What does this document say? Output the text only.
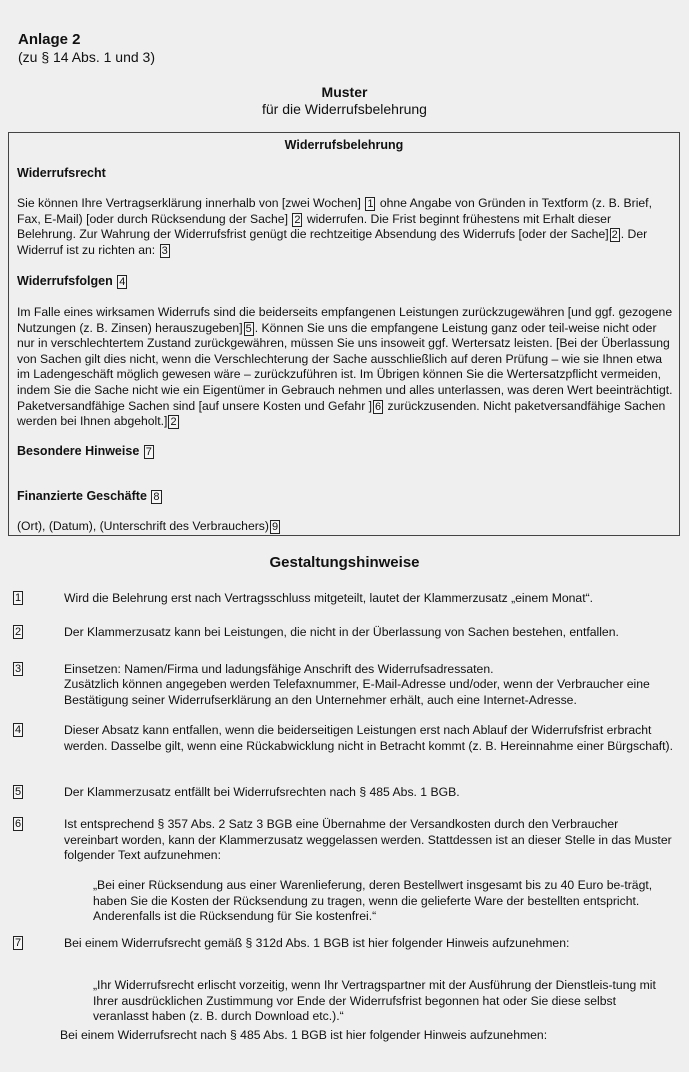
Anlage 2
(zu § 14 Abs. 1 und 3)
Muster
für die Widerrufsbelehrung
Widerrufsbelehrung
Widerrufsrecht
Sie können Ihre Vertragserklärung innerhalb von [zwei Wochen] 1 ohne Angabe von Gründen in Textform (z. B. Brief, Fax, E-Mail) [oder durch Rücksendung der Sache] 2 widerrufen. Die Frist beginnt frühestens mit Erhalt dieser Belehrung. Zur Wahrung der Widerrufsfrist genügt die rechtzeitige Absendung des Widerrufs [oder der Sache] 2 . Der Widerruf ist zu richten an: 3
Widerrufsfolgen 4
Im Falle eines wirksamen Widerrufs sind die beiderseits empfangenen Leistungen zurückzugewähren [und ggf. gezogene Nutzungen (z. B. Zinsen) herauszugeben] 5 . Können Sie uns die empfangene Leistung ganz oder teil-weise nicht oder nur in verschlechtertem Zustand zurückgewähren, müssen Sie uns insoweit ggf. Wertersatz leisten. [Bei der Überlassung von Sachen gilt dies nicht, wenn die Verschlechterung der Sache ausschließlich auf deren Prüfung – wie sie Ihnen etwa im Ladengeschäft möglich gewesen wäre – zurückzuführen ist. Im Übrigen können Sie die Wertersatzpflicht vermeiden, indem Sie die Sache nicht wie ein Eigentümer in Gebrauch nehmen und alles unterlassen, was deren Wert beeinträchtigt. Paketversandfähige Sachen sind [auf unsere Kosten und Gefahr ] 6 zurückzusenden. Nicht paketversandfähige Sachen werden bei Ihnen abgeholt.] 2
Besondere Hinweise 7
Finanzierte Geschäfte 8
(Ort), (Datum), (Unterschrift des Verbrauchers) 9
Gestaltungshinweise
1	Wird die Belehrung erst nach Vertragsschluss mitgeteilt, lautet der Klammerzusatz „einem Monat“.
2	Der Klammerzusatz kann bei Leistungen, die nicht in der Überlassung von Sachen bestehen, entfallen.
3	Einsetzen: Namen/Firma und ladungsfähige Anschrift des Widerrufsadressaten.
Zusätzlich können angegeben werden Telefaxnummer, E-Mail-Adresse und/oder, wenn der Verbraucher eine Bestätigung seiner Widerrufserklärung an den Unternehmer erhält, auch eine Internet-Adresse.
4	Dieser Absatz kann entfallen, wenn die beiderseitigen Leistungen erst nach Ablauf der Widerrufsfrist erbracht werden. Dasselbe gilt, wenn eine Rückabwicklung nicht in Betracht kommt (z. B. Hereinnahme einer Bürgschaft).
5	Der Klammerzusatz entfällt bei Widerrufsrechten nach § 485 Abs. 1 BGB.
6	Ist entsprechend § 357 Abs. 2 Satz 3 BGB eine Übernahme der Versandkosten durch den Verbraucher vereinbart worden, kann der Klammerzusatz weggelassen werden. Stattdessen ist an dieser Stelle in das Muster folgender Text aufzunehmen:
„Bei einer Rücksendung aus einer Warenlieferung, deren Bestellwert insgesamt bis zu 40 Euro be-trägt, haben Sie die Kosten der Rücksendung zu tragen, wenn die gelieferte Ware der bestellten entspricht. Anderenfalls ist die Rücksendung für Sie kostenfrei.“
7	Bei einem Widerrufsrecht gemäß § 312d Abs. 1 BGB ist hier folgender Hinweis aufzunehmen:
„Ihr Widerrufsrecht erlischt vorzeitig, wenn Ihr Vertragspartner mit der Ausführung der Dienstleis-tung mit Ihrer ausdrücklichen Zustimmung vor Ende der Widerrufsfrist begonnen hat oder Sie diese selbst veranlasst haben (z. B. durch Download etc.).“
Bei einem Widerrufsrecht nach § 485 Abs. 1 BGB ist hier folgender Hinweis aufzunehmen:
